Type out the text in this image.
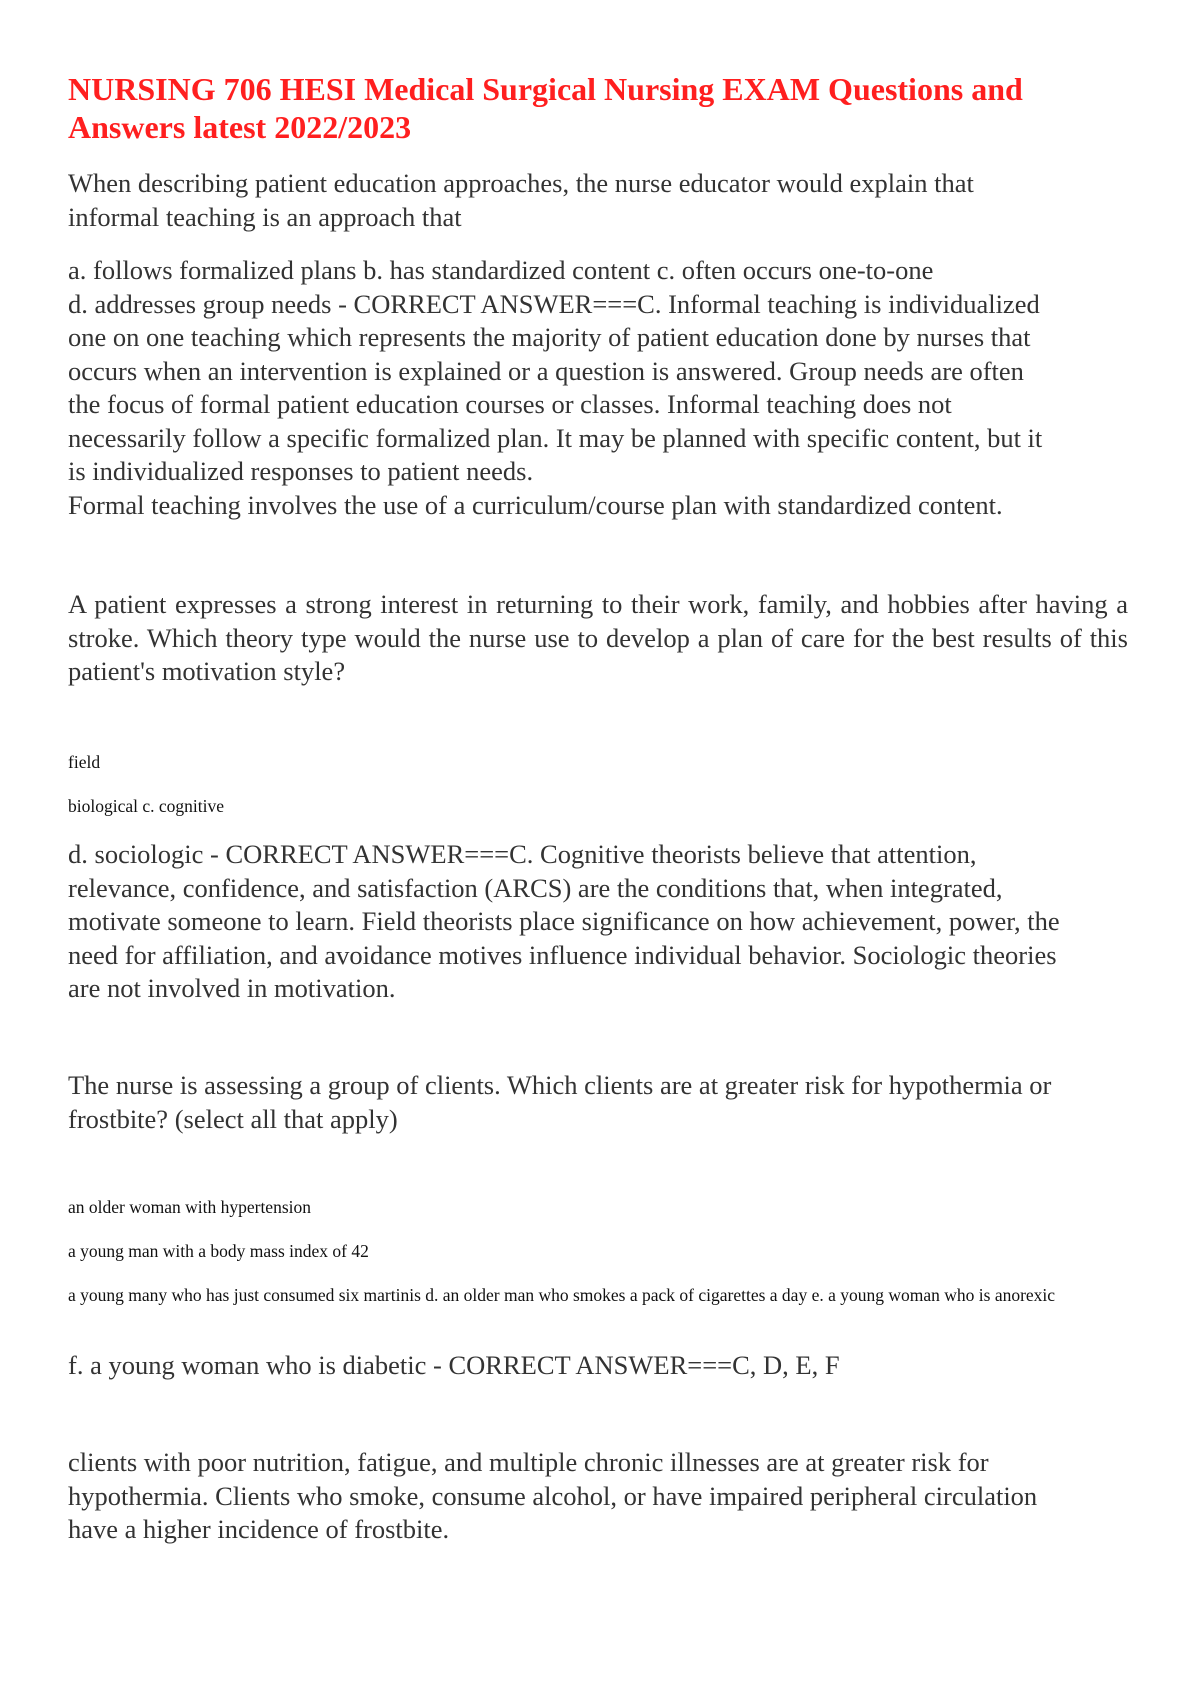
NURSING 706 HESI Medical Surgical Nursing EXAM Questions and Answers latest 2022/2023

When describing patient education approaches, the nurse educator would explain that
informal teaching is an approach that

a. follows formalized plans b. has standardized content c. often occurs one-to-one
d. addresses group needs - CORRECT ANSWER===C. Informal teaching is individualized
one on one teaching which represents the majority of patient education done by nurses that
occurs when an intervention is explained or a question is answered. Group needs are often
the focus of formal patient education courses or classes. Informal teaching does not
necessarily follow a specific formalized plan. It may be planned with specific content, but it
is individualized responses to patient needs.
Formal teaching involves the use of a curriculum/course plan with standardized content.

A patient expresses a strong interest in returning to their work, family, and hobbies after having a stroke. Which theory type would the nurse use to develop a plan of care for the best results of this patient's motivation style?

field

biological c. cognitive

d. sociologic - CORRECT ANSWER===C. Cognitive theorists believe that attention,
relevance, confidence, and satisfaction (ARCS) are the conditions that, when integrated,
motivate someone to learn. Field theorists place significance on how achievement, power, the
need for affiliation, and avoidance motives influence individual behavior. Sociologic theories
are not involved in motivation.

The nurse is assessing a group of clients. Which clients are at greater risk for hypothermia or
frostbite? (select all that apply)

an older woman with hypertension

a young man with a body mass index of 42

a young many who has just consumed six martinis d. an older man who smokes a pack of cigarettes a day e. a young woman who is anorexic

f. a young woman who is diabetic - CORRECT ANSWER===C, D, E, F

clients with poor nutrition, fatigue, and multiple chronic illnesses are at greater risk for
hypothermia. Clients who smoke, consume alcohol, or have impaired peripheral circulation
have a higher incidence of frostbite.
